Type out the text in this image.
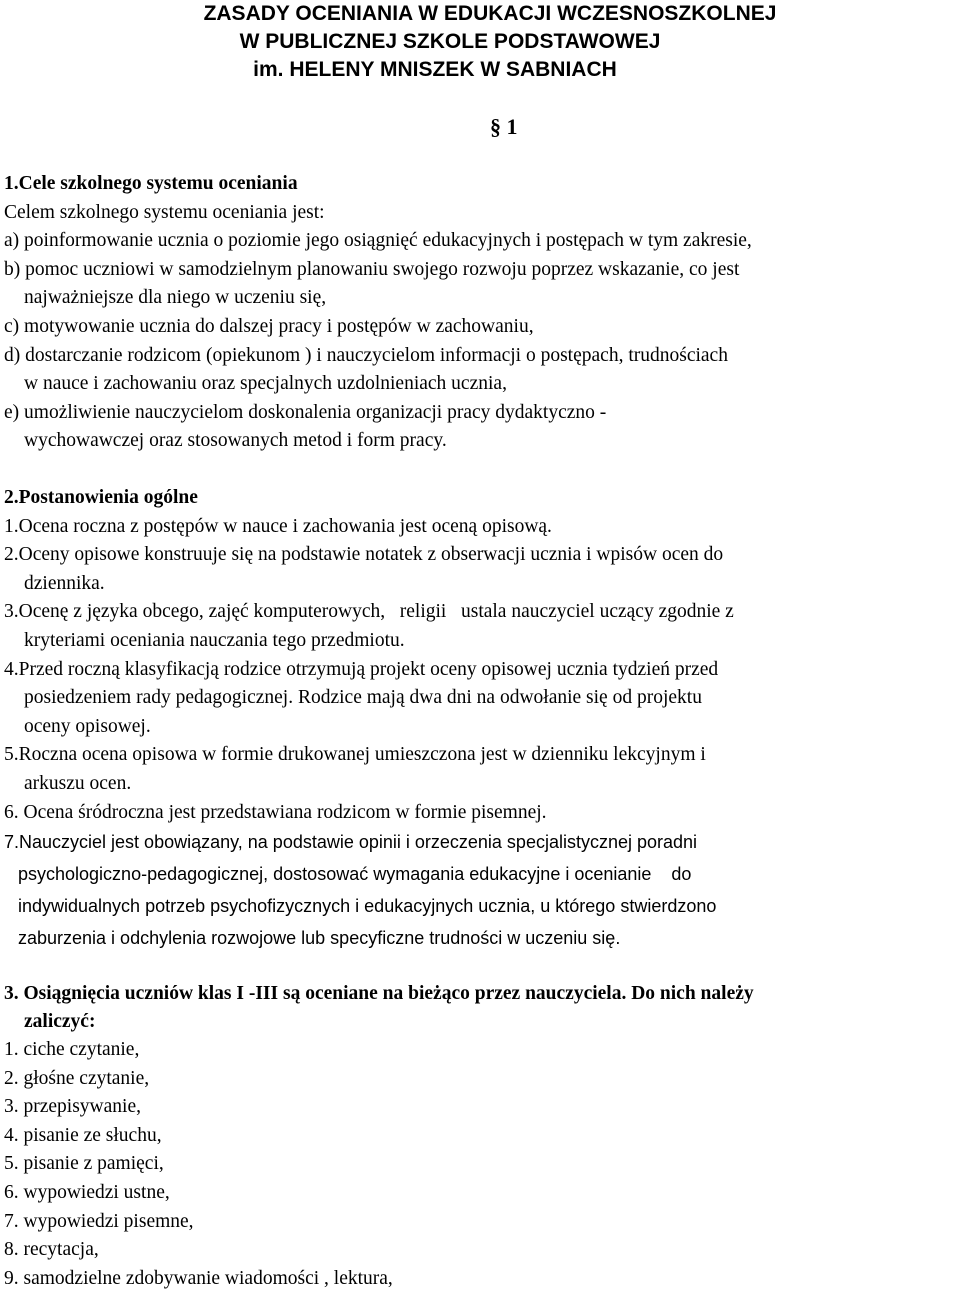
ZASADY OCENIANIA W EDUKACJI WCZESNOSZKOLNEJ
W PUBLICZNEJ SZKOLE PODSTAWOWEJ
im. HELENY MNISZEK W SABNIACH
§ 1
1.Cele szkolnego systemu oceniania
Celem szkolnego systemu oceniania jest:
a) poinformowanie ucznia o poziomie jego osiągnięć edukacyjnych i postępach w tym zakresie,
b) pomoc uczniowi w samodzielnym planowaniu swojego rozwoju poprzez wskazanie, co jest
najważniejsze dla niego w uczeniu się,
c) motywowanie ucznia do dalszej pracy i postępów w zachowaniu,
d) dostarczanie rodzicom (opiekunom ) i nauczycielom informacji o postępach, trudnościach
w nauce i zachowaniu oraz specjalnych uzdolnieniach ucznia,
e) umożliwienie nauczycielom doskonalenia organizacji pracy dydaktyczno -
wychowawczej oraz stosowanych metod i form pracy.
2.Postanowienia ogólne
1.Ocena roczna z postępów w nauce i zachowania jest oceną opisową.
2.Oceny opisowe konstruuje się na podstawie notatek z obserwacji ucznia i wpisów ocen do
dziennika.
3.Ocenę z języka obcego, zajęć komputerowych,   religii   ustala nauczyciel uczący zgodnie z
kryteriami oceniania nauczania tego przedmiotu.
4.Przed roczną klasyfikacją rodzice otrzymują projekt oceny opisowej ucznia tydzień przed
posiedzeniem rady pedagogicznej. Rodzice mają dwa dni na odwołanie się od projektu
oceny opisowej.
5.Roczna ocena opisowa w formie drukowanej umieszczona jest w dzienniku lekcyjnym i
arkuszu ocen.
6. Ocena śródroczna jest przedstawiana rodzicom w formie pisemnej.
7.Nauczyciel jest obowiązany, na podstawie opinii i orzeczenia specjalistycznej poradni
psychologiczno-pedagogicznej, dostosować wymagania edukacyjne i ocenianie    do
indywidualnych potrzeb psychofizycznych i edukacyjnych ucznia, u którego stwierdzono
zaburzenia i odchylenia rozwojowe lub specyficzne trudności w uczeniu się.
3. Osiągnięcia uczniów klas I -III są oceniane na bieżąco przez nauczyciela. Do nich należy
zaliczyć:
1. ciche czytanie,
2. głośne czytanie,
3. przepisywanie,
4. pisanie ze słuchu,
5. pisanie z pamięci,
6. wypowiedzi ustne,
7. wypowiedzi pisemne,
8. recytacja,
9. samodzielne zdobywanie wiadomości , lektura,
